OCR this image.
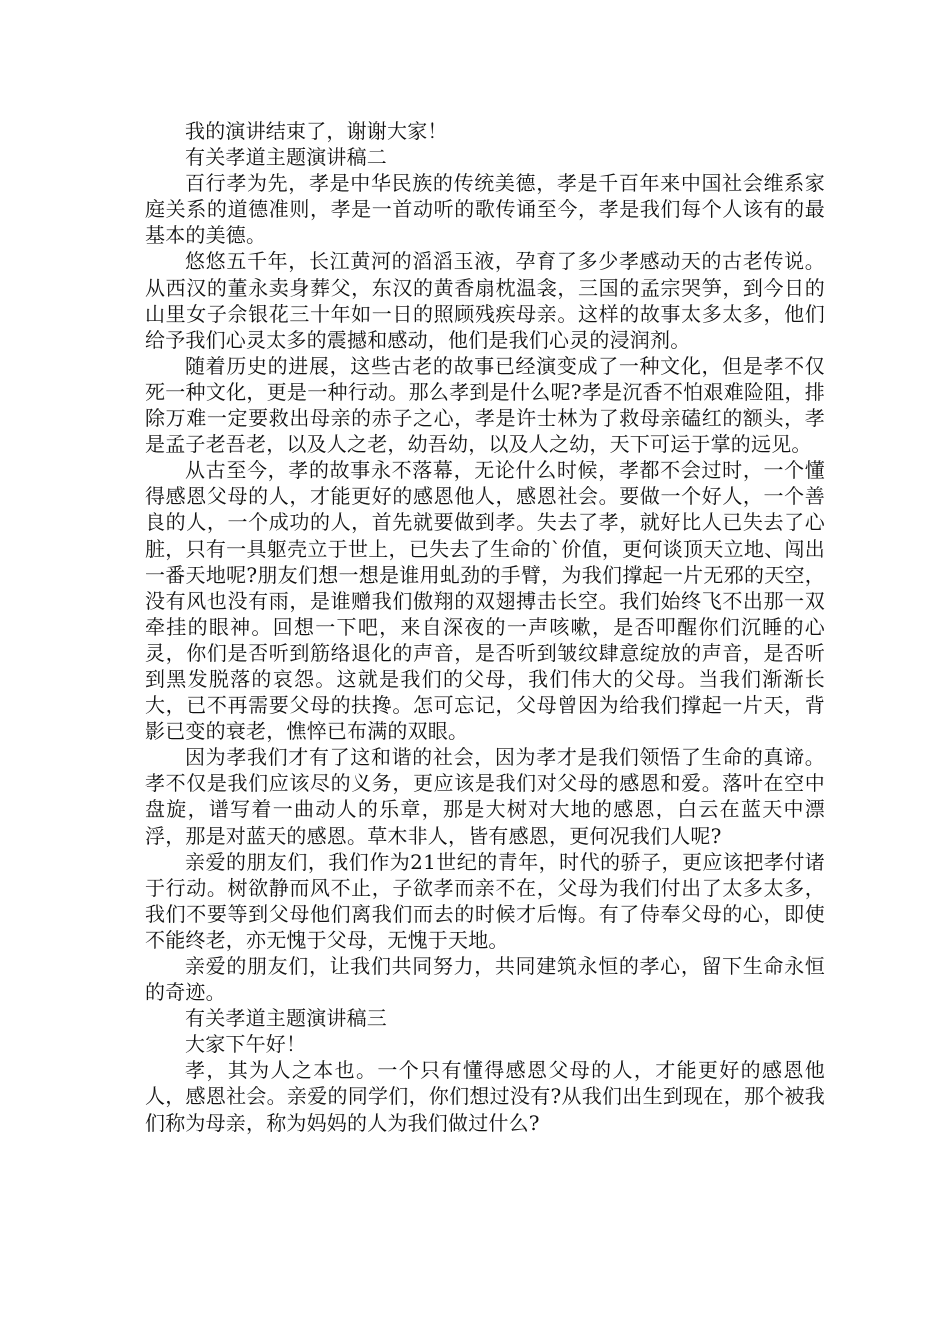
我的演讲结束了，谢谢大家！

有关孝道主题演讲稿二

百行孝为先，孝是中华民族的传统美德，孝是千百年来中国社会维系家庭关系的道德准则，孝是一首动听的歌传诵至今，孝是我们每个人该有的最基本的美德。

悠悠五千年，长江黄河的滔滔玉液，孕育了多少孝感动天的古老传说。从西汉的董永卖身葬父，东汉的黄香扇枕温衾，三国的孟宗哭笋，到今日的山里女子佘银花三十年如一日的照顾残疾母亲。这样的故事太多太多，他们给予我们心灵太多的震撼和感动，他们是我们心灵的浸润剂。

随着历史的进展，这些古老的故事已经演变成了一种文化，但是孝不仅死一种文化，更是一种行动。那么孝到是什么呢?孝是沉香不怕艰难险阻，排除万难一定要救出母亲的赤子之心，孝是许士林为了救母亲磕红的额头，孝是孟子老吾老，以及人之老，幼吾幼，以及人之幼，天下可运于掌的远见。

从古至今，孝的故事永不落幕，无论什么时候，孝都不会过时，一个懂得感恩父母的人，才能更好的感恩他人，感恩社会。要做一个好人，一个善良的人，一个成功的人，首先就要做到孝。失去了孝，就好比人已失去了心脏，只有一具躯壳立于世上，已失去了生命的`价值，更何谈顶天立地、闯出一番天地呢?朋友们想一想是谁用虬劲的手臂，为我们撑起一片无邪的天空，没有风也没有雨，是谁赠我们傲翔的双翅搏击长空。我们始终飞不出那一双牵挂的眼神。回想一下吧，来自深夜的一声咳嗽，是否叩醒你们沉睡的心灵，你们是否听到筋络退化的声音，是否听到皱纹肆意绽放的声音，是否听到黑发脱落的哀怨。这就是我们的父母，我们伟大的父母。当我们渐渐长大，已不再需要父母的扶搀。怎可忘记，父母曾因为给我们撑起一片天，背影已变的衰老，憔悴已布满的双眼。

因为孝我们才有了这和谐的社会，因为孝才是我们领悟了生命的真谛。孝不仅是我们应该尽的义务，更应该是我们对父母的感恩和爱。落叶在空中盘旋，谱写着一曲动人的乐章，那是大树对大地的感恩，白云在蓝天中漂浮，那是对蓝天的感恩。草木非人，皆有感恩，更何况我们人呢?

亲爱的朋友们，我们作为21世纪的青年，时代的骄子，更应该把孝付诸于行动。树欲静而风不止，子欲孝而亲不在，父母为我们付出了太多太多，我们不要等到父母他们离我们而去的时候才后悔。有了侍奉父母的心，即使不能终老，亦无愧于父母，无愧于天地。

亲爱的朋友们，让我们共同努力，共同建筑永恒的孝心，留下生命永恒的奇迹。

有关孝道主题演讲稿三

大家下午好！

孝，其为人之本也。一个只有懂得感恩父母的人，才能更好的感恩他人，感恩社会。亲爱的同学们，你们想过没有?从我们出生到现在，那个被我们称为母亲，称为妈妈的人为我们做过什么?
